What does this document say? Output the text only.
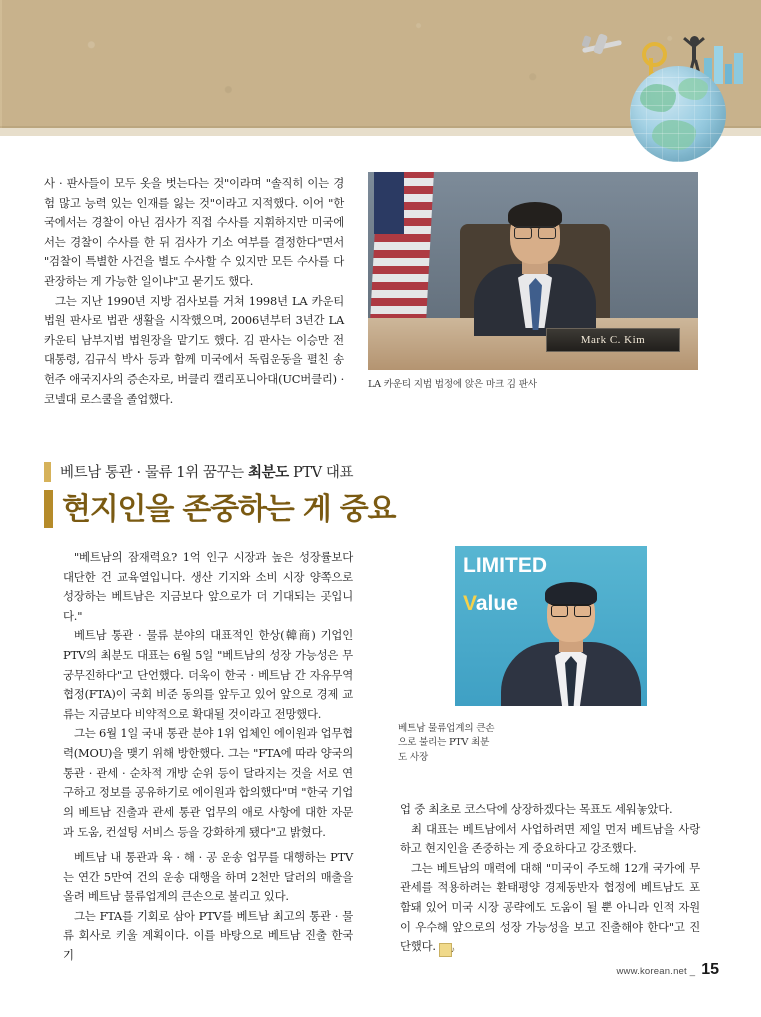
사 · 판사들이 모두 옷을 벗는다는 것"이라며 "솔직히 이는 경험 많고 능력 있는 인재를 잃는 것"이라고 지적했다. 이어 "한국에서는 경찰이 아닌 검사가 직접 수사를 지휘하지만 미국에서는 경찰이 수사를 한 뒤 검사가 기소 여부를 결정한다"면서 "검찰이 특별한 사건을 별도 수사할 수 있지만 모든 수사를 다 관장하는 게 가능한 일이냐"고 묻기도 했다.

그는 지난 1990년 지방 검사보를 거쳐 1998년 LA 카운티 법원 판사로 법관 생활을 시작했으며, 2006년부터 3년간 LA 카운티 남부지법 법원장을 맡기도 했다. 김 판사는 이승만 전 대통령, 김규식 박사 등과 함께 미국에서 독립운동을 펼친 송헌주 애국지사의 증손자로, 버클리 캘리포니아대(UC버클리) · 코넬대 로스쿨을 졸업했다.

Mark C. Kim
LA 카운티 지법 법정에 앉은 마크 김 판사
베트남 통관 · 물류 1위 꿈꾸는 최분도 PTV 대표
현지인을 존중하는 게 중요

"베트남의 잠재력요? 1억 인구 시장과 높은 성장률보다 대단한 건 교육열입니다. 생산 기지와 소비 시장 양쪽으로 성장하는 베트남은 지금보다 앞으로가 더 기대되는 곳입니다."

베트남 통관 · 물류 분야의 대표적인 한상(韓商) 기업인 PTV의 최분도 대표는 6월 5일 "베트남의 성장 가능성은 무궁무진하다"고 단언했다. 더욱이 한국 · 베트남 간 자유무역협정(FTA)이 국회 비준 동의를 앞두고 있어 앞으로 경제 교류는 지금보다 비약적으로 확대될 것이라고 전망했다.

그는 6월 1일 국내 통관 분야 1위 업체인 에이원과 업무협력(MOU)을 맺기 위해 방한했다. 그는 "FTA에 따라 양국의 통관 · 관세 · 순차적 개방 순위 등이 달라지는 것을 서로 연구하고 정보를 공유하기로 에이원과 합의했다"며 "한국 기업의 베트남 진출과 관세 통관 업무의 애로 사항에 대한 자문과 도움, 컨설팅 서비스 등을 강화하게 됐다"고 밝혔다.

베트남 내 통관과 육 · 해 · 공 운송 업무를 대행하는 PTV는 연간 5만여 건의 운송 대행을 하며 2천만 달러의 매출을 올려 베트남 물류업계의 큰손으로 불리고 있다.

그는 FTA를 기회로 삼아 PTV를 베트남 최고의 통관 · 물류 회사로 키울 계획이다. 이를 바탕으로 베트남 진출 한국 기

LIMITED
Value
베트남 물류업계의 큰손으로 불리는 PTV 최분도 사장

업 중 최초로 코스닥에 상장하겠다는 목표도 세워놓았다.

최 대표는 베트남에서 사업하려면 제일 먼저 베트남을 사랑하고 현지인을 존중하는 게 중요하다고 강조했다.

그는 베트남의 매력에 대해 "미국이 주도해 12개 국가에 무관세를 적용하려는 환태평양 경제동반자 협정에 베트남도 포함돼 있어 미국 시장 공략에도 도움이 될 뿐 아니라 인적 자원이 우수해 앞으로의 성장 가능성을 보고 진출해야 한다"고 진단했다. ♪

www.korean.net _ 15
